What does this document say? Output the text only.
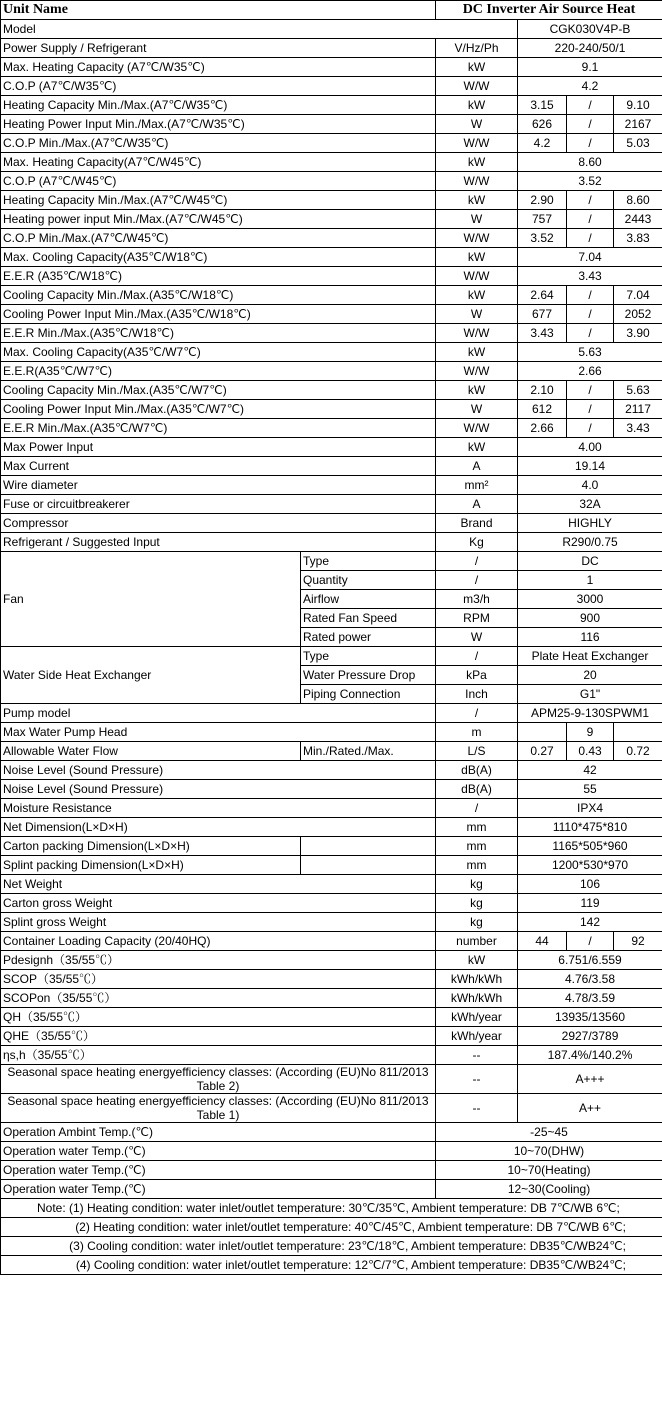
Unit Name		DC Inverter Air Source Heat			
Model			CGK030V4P-B		
Power Supply / Refrigerant		V/Hz/Ph	220-240/50/1		
Max. Heating Capacity (A7℃/W35℃)		kW	9.1		
C.O.P (A7℃/W35℃)		W/W	4.2		
Heating Capacity Min./Max.(A7℃/W35℃)		kW	3.15	/	9.10
Heating Power Input Min./Max.(A7℃/W35℃)		W	626	/	2167
C.O.P Min./Max.(A7℃/W35℃)		W/W	4.2	/	5.03
Max. Heating Capacity(A7℃/W45℃)		kW	8.60		
C.O.P (A7℃/W45℃)		W/W	3.52		
Heating Capacity Min./Max.(A7℃/W45℃)		kW	2.90	/	8.60
Heating power input Min./Max.(A7℃/W45℃)		W	757	/	2443
C.O.P Min./Max.(A7℃/W45℃)		W/W	3.52	/	3.83
Max. Cooling Capacity(A35℃/W18℃)		kW	7.04		
E.E.R (A35℃/W18℃)		W/W	3.43		
Cooling Capacity Min./Max.(A35℃/W18℃)		kW	2.64	/	7.04
Cooling Power Input Min./Max.(A35℃/W18℃)		W	677	/	2052
E.E.R Min./Max.(A35℃/W18℃)		W/W	3.43	/	3.90
Max. Cooling Capacity(A35℃/W7℃)		kW	5.63		
E.E.R(A35℃/W7℃)		W/W	2.66		
Cooling Capacity Min./Max.(A35℃/W7℃)		kW	2.10	/	5.63
Cooling Power Input Min./Max.(A35℃/W7℃)		W	612	/	2117
E.E.R Min./Max.(A35℃/W7℃)		W/W	2.66	/	3.43
Max Power Input		kW	4.00		
Max Current		A	19.14		
Wire diameter		mm²	4.0		
Fuse or circuitbreakerer		A	32A		
Compressor		Brand	HIGHLY		
Refrigerant / Suggested Input		Kg	R290/0.75		
Fan	Type	/	DC		
	Quantity	/	1		
	Airflow	m3/h	3000		
	Rated Fan Speed	RPM	900		
	Rated power	W	116		
Water Side Heat Exchanger	Type	/	Plate Heat Exchanger		
	Water Pressure Drop	kPa	20		
	Piping Connection	Inch	G1"		
Pump model		/	APM25-9-130SPWM1		
Max Water Pump Head		m		9	
Allowable Water Flow	Min./Rated./Max.	L/S	0.27	0.43	0.72
Noise Level (Sound Pressure)		dB(A)	42		
Noise Level (Sound Pressure)		dB(A)	55		
Moisture Resistance		/	IPX4		
Net Dimension(L×D×H)		mm	1110*475*810		
Carton packing Dimension(L×D×H)		mm	1165*505*960		
Splint packing Dimension(L×D×H)		mm	1200*530*970		
Net Weight		kg	106		
Carton gross Weight		kg	119		
Splint gross Weight		kg	142		
Container Loading Capacity (20/40HQ)		number	44	/	92
Pdesignh（35/55℃）		kW	6.751/6.559		
SCOP（35/55℃）		kWh/kWh	4.76/3.58		
SCOPon（35/55℃）		kWh/kWh	4.78/3.59		
QH（35/55℃）		kWh/year	13935/13560		
QHE（35/55℃）		kWh/year	2927/3789		
ηs,h（35/55℃）		--	187.4%/140.2%		
Seasonal space heating energyefficiency classes: (According (EU)No 811/2013 Table 2)		--	A+++		
Seasonal space heating energyefficiency classes: (According (EU)No 811/2013 Table 1)		--	A++		
Operation Ambint Temp.(℃)		-25~45			
Operation water Temp.(℃)		10~70(DHW)			
Operation water Temp.(℃)		10~70(Heating)			
Operation water Temp.(℃)		12~30(Cooling)			
Note: (1) Heating condition: water inlet/outlet temperature: 30℃/35℃, Ambient temperature: DB 7℃/WB 6℃;					
(2) Heating condition: water inlet/outlet temperature: 40℃/45℃, Ambient temperature: DB 7℃/WB 6℃;					
(3) Cooling condition: water inlet/outlet temperature: 23℃/18℃, Ambient temperature: DB35℃/WB24℃;					
(4) Cooling condition: water inlet/outlet temperature: 12℃/7℃, Ambient temperature: DB35℃/WB24℃;					
